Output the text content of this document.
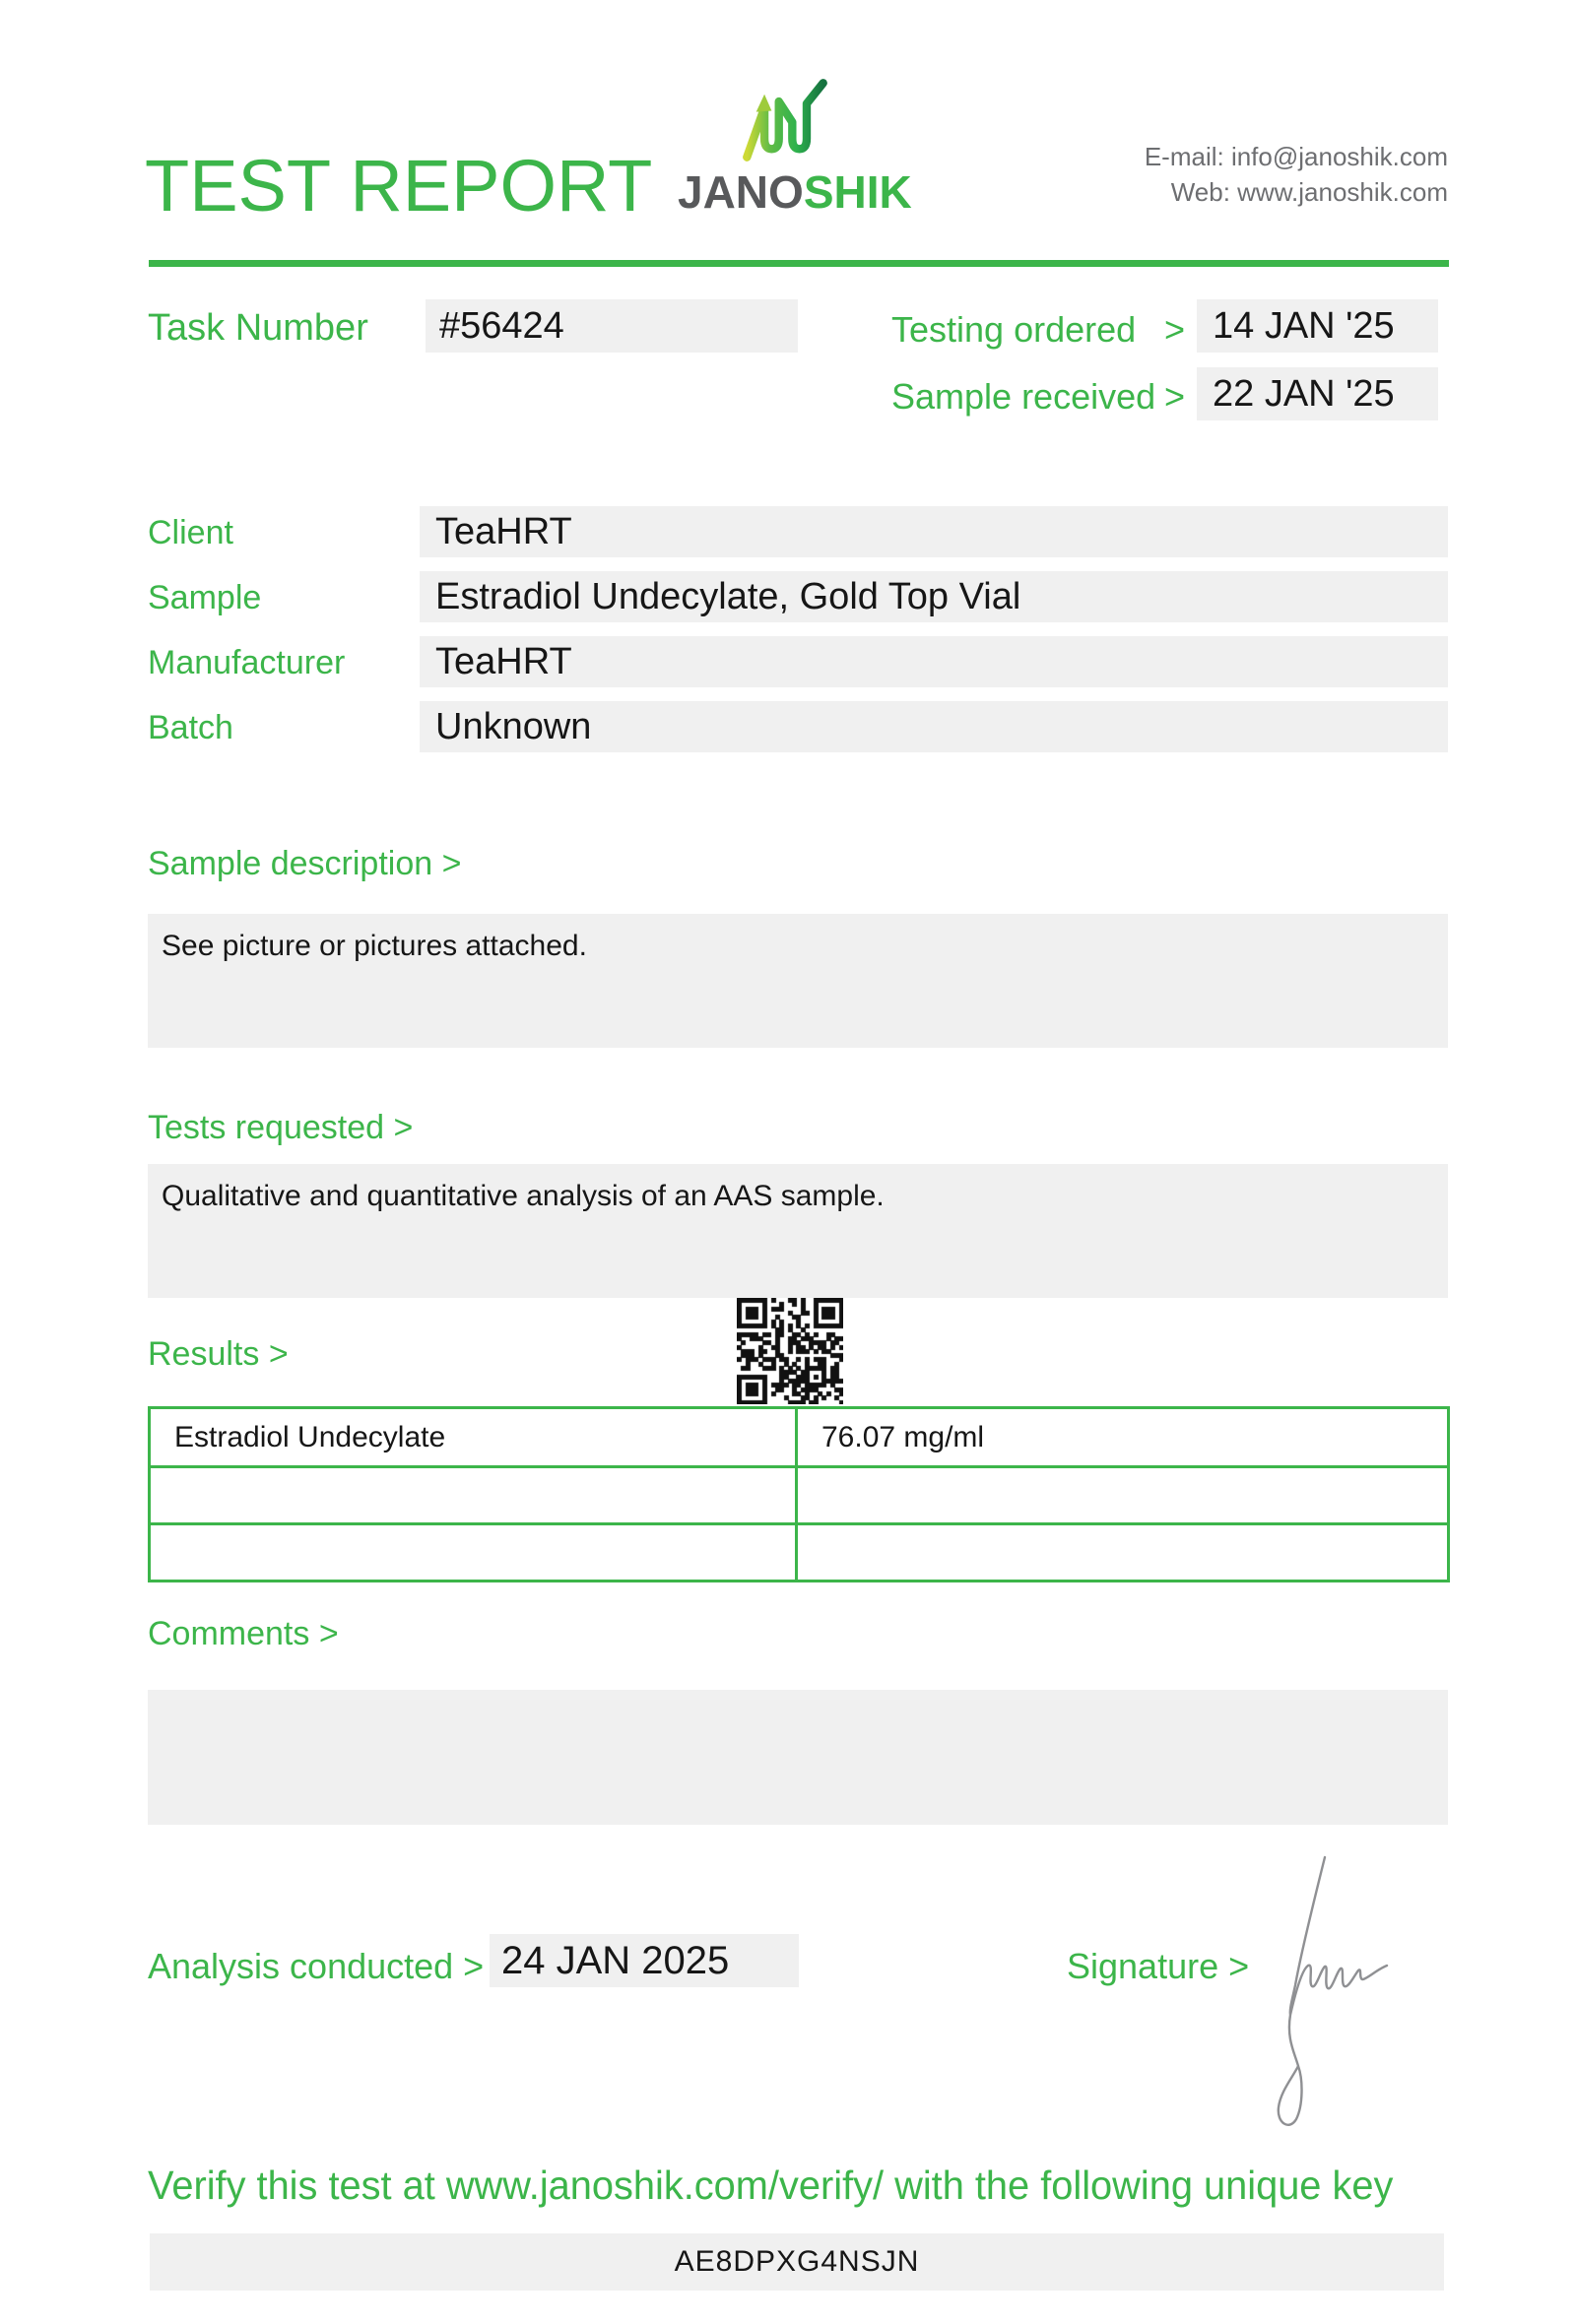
TEST REPORT JANOSHIK
E-mail: info@janoshik.com
Web: www.janoshik.com
Task Number	#56424	Testing ordered > 14 JAN '25
Sample received > 22 JAN '25
Client	TeaHRT
Sample	Estradiol Undecylate, Gold Top Vial
Manufacturer	TeaHRT
Batch	Unknown
Sample description >
See picture or pictures attached.
Tests requested >
Qualitative and quantitative analysis of an AAS sample.
Results >
Estradiol Undecylate	76.07 mg/ml
Comments >
Analysis conducted > 24 JAN 2025	Signature >
Verify this test at www.janoshik.com/verify/ with the following unique key
AE8DPXG4NSJN
